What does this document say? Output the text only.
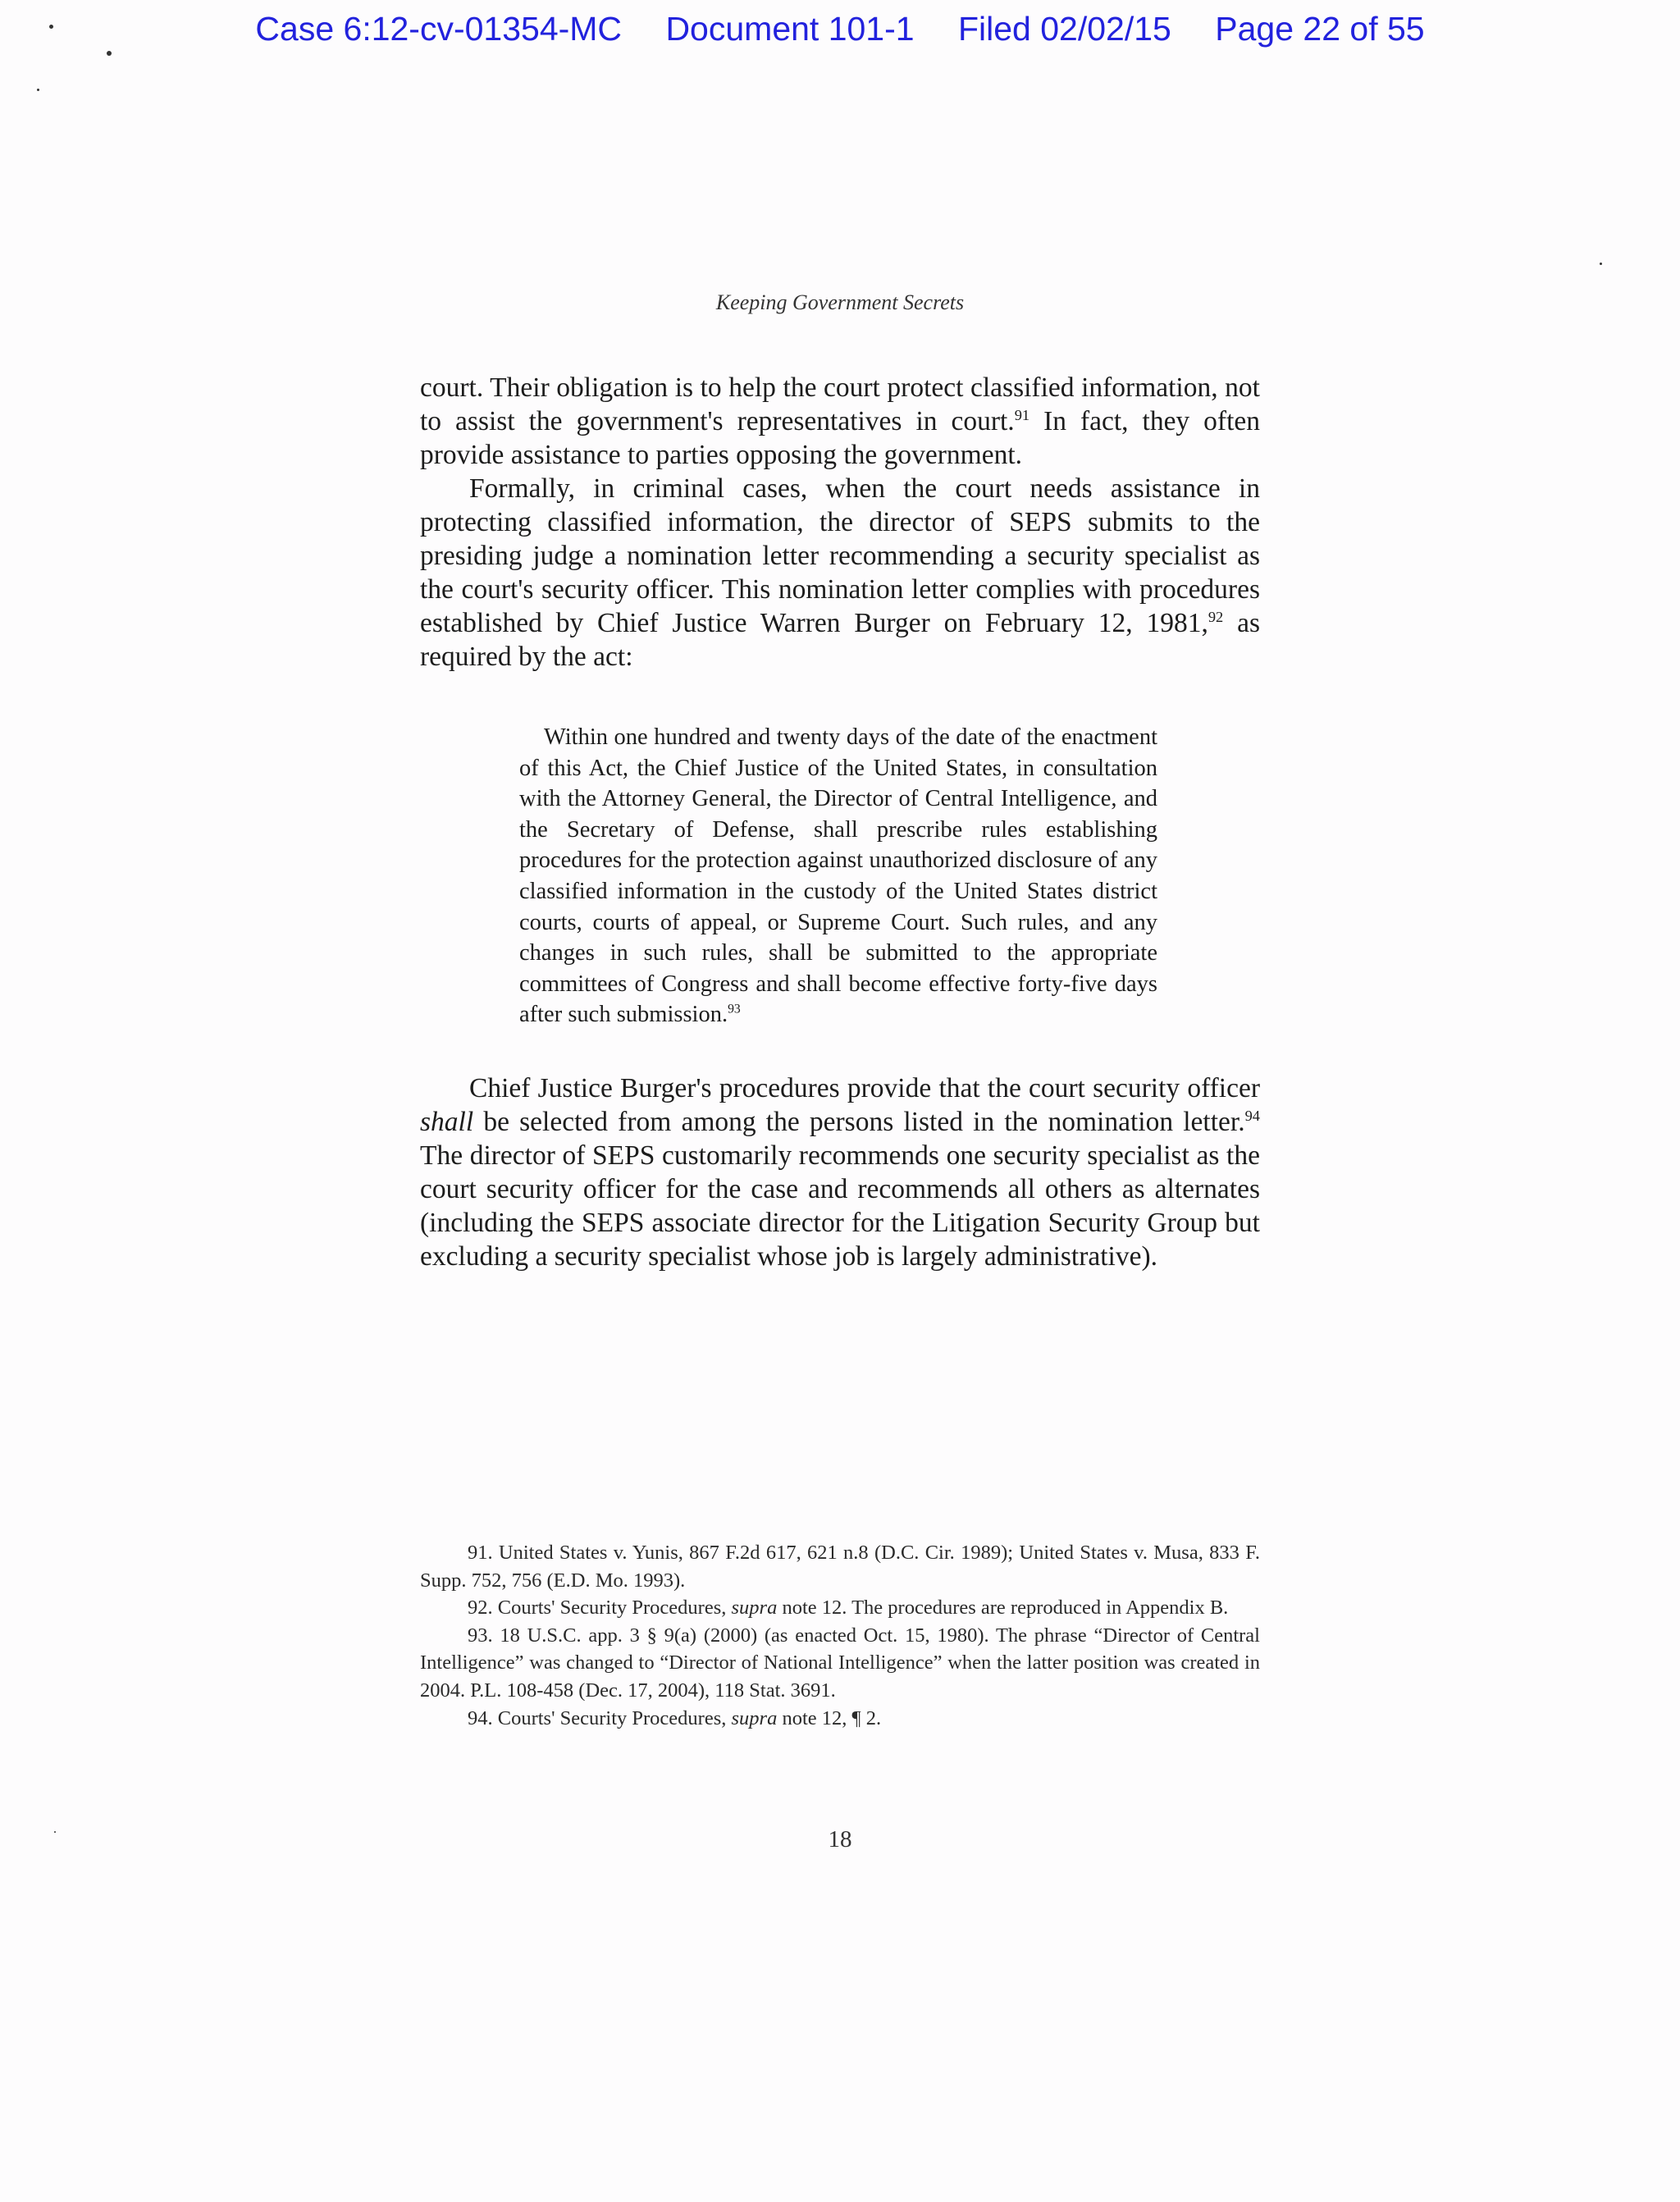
Case 6:12-cv-01354-MC Document 101-1 Filed 02/02/15 Page 22 of 55
Keeping Government Secrets

court. Their obligation is to help the court protect classified information, not to assist the government's representatives in court.$^{91}$ In fact, they often provide assistance to parties opposing the government.

Formally, in criminal cases, when the court needs assistance in protecting classified information, the director of SEPS submits to the presiding judge a nomination letter recommending a security specialist as the court's security officer. This nomination letter complies with procedures established by Chief Justice Warren Burger on February 12, 1981,92 as required by the act:

Within one hundred and twenty days of the date of the enactment of this Act, the Chief Justice of the United States, in consultation with the Attorney General, the Director of Central Intelligence, and the Secretary of Defense, shall prescribe rules establishing procedures for the protection against unauthorized disclosure of any classified information in the custody of the United States district courts, courts of appeal, or Supreme Court. Such rules, and any changes in such rules, shall be submitted to the appropriate committees of Congress and shall become effective forty-five days after such submission.$^{93}$

Chief Justice Burger's procedures provide that the court security officer shall be selected from among the persons listed in the nomination letter.$^{94}$ The director of SEPS customarily recommends one security specialist as the court security officer for the case and recommends all others as alternates (including the SEPS associate director for the Litigation Security Group but excluding a security specialist whose job is largely administrative).

91. United States v. Yunis, 867 F.2d 617, 621 n.8 (D.C. Cir. 1989); United States v. Musa, 833 F. Supp. 752, 756 (E.D. Mo. 1993).

92. Courts' Security Procedures, supra note 12. The procedures are reproduced in Appendix B.

93. 18 U.S.C. app. 3 § 9(a) (2000) (as enacted Oct. 15, 1980). The phrase “Director of Central Intelligence” was changed to “Director of National Intelligence” when the latter position was created in 2004. P.L. 108-458 (Dec. 17, 2004), 118 Stat. 3691.

94. Courts' Security Procedures, supra note 12, ¶ 2.

18
